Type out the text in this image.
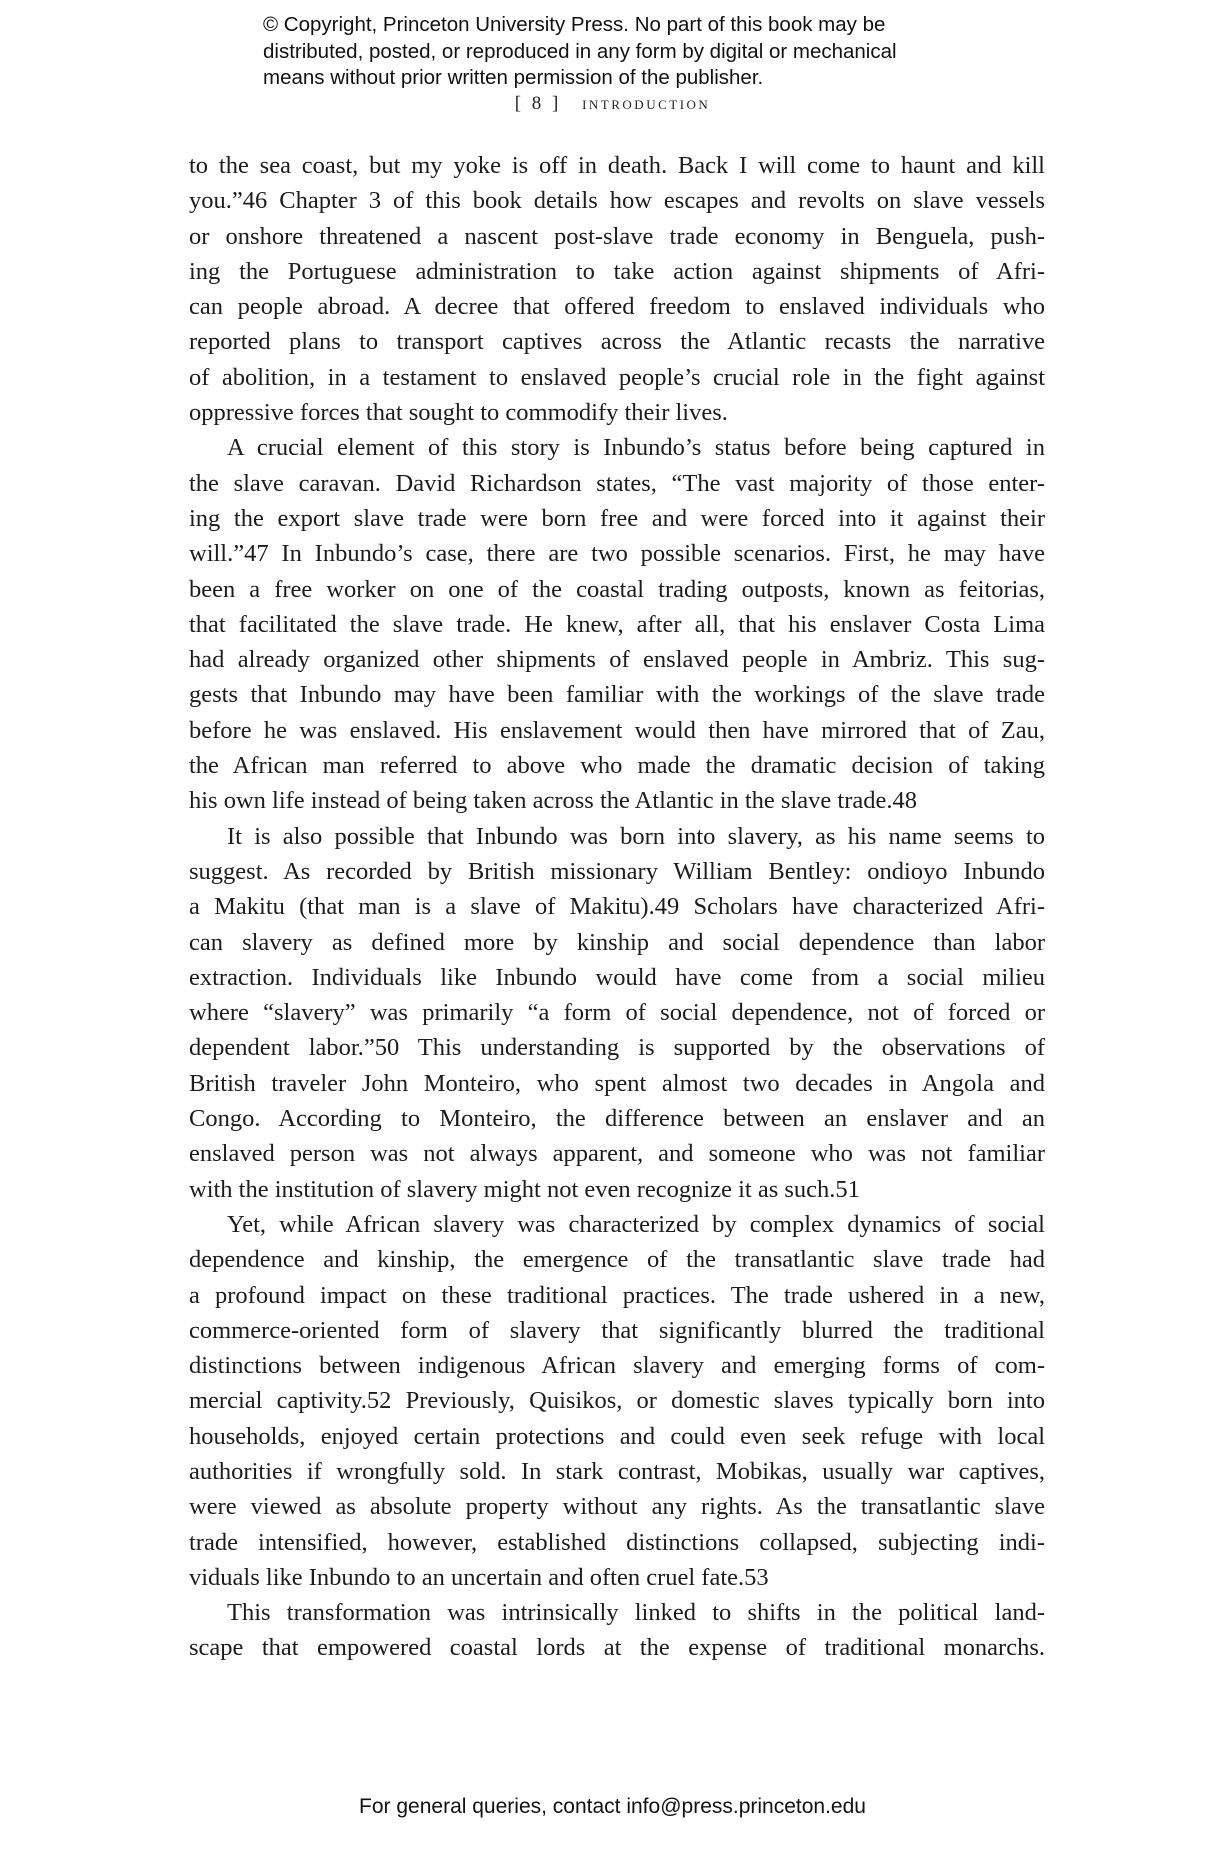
© Copyright, Princeton University Press. No part of this book may be
distributed, posted, or reproduced in any form by digital or mechanical
means without prior written permission of the publisher.
[ 8 ] introduction
to the sea coast, but my yoke is off in death. Back I will come to haunt and kill
you.”46 Chapter 3 of this book details how escapes and revolts on slave vessels
or onshore threatened a nascent post-slave trade economy in Benguela, push-
ing the Portuguese administration to take action against shipments of Afri-
can people abroad. A decree that offered freedom to enslaved individuals who
reported plans to transport captives across the Atlantic recasts the narrative
of abolition, in a testament to enslaved people’s crucial role in the fight against
oppressive forces that sought to commodify their lives.
A crucial element of this story is Inbundo’s status before being captured in
the slave caravan. David Richardson states, “The vast majority of those enter-
ing the export slave trade were born free and were forced into it against their
will.”47 In Inbundo’s case, there are two possible scenarios. First, he may have
been a free worker on one of the coastal trading outposts, known as feitorias,
that facilitated the slave trade. He knew, after all, that his enslaver Costa Lima
had already organized other shipments of enslaved people in Ambriz. This sug-
gests that Inbundo may have been familiar with the workings of the slave trade
before he was enslaved. His enslavement would then have mirrored that of Zau,
the African man referred to above who made the dramatic decision of taking
his own life instead of being taken across the Atlantic in the slave trade.48
It is also possible that Inbundo was born into slavery, as his name seems to
suggest. As recorded by British missionary William Bentley: ondioyo Inbundo
a Makitu (that man is a slave of Makitu).49 Scholars have characterized Afri-
can slavery as defined more by kinship and social dependence than labor
extraction. Individuals like Inbundo would have come from a social milieu
where “slavery” was primarily “a form of social dependence, not of forced or
dependent labor.”50 This understanding is supported by the observations of
British traveler John Monteiro, who spent almost two decades in Angola and
Congo. According to Monteiro, the difference between an enslaver and an
enslaved person was not always apparent, and someone who was not familiar
with the institution of slavery might not even recognize it as such.51
Yet, while African slavery was characterized by complex dynamics of social
dependence and kinship, the emergence of the transatlantic slave trade had
a profound impact on these traditional practices. The trade ushered in a new,
commerce-oriented form of slavery that significantly blurred the traditional
distinctions between indigenous African slavery and emerging forms of com-
mercial captivity.52 Previously, Quisikos, or domestic slaves typically born into
households, enjoyed certain protections and could even seek refuge with local
authorities if wrongfully sold. In stark contrast, Mobikas, usually war captives,
were viewed as absolute property without any rights. As the transatlantic slave
trade intensified, however, established distinctions collapsed, subjecting indi-
viduals like Inbundo to an uncertain and often cruel fate.53
This transformation was intrinsically linked to shifts in the political land-
scape that empowered coastal lords at the expense of traditional monarchs.
For general queries, contact info@press.princeton.edu
